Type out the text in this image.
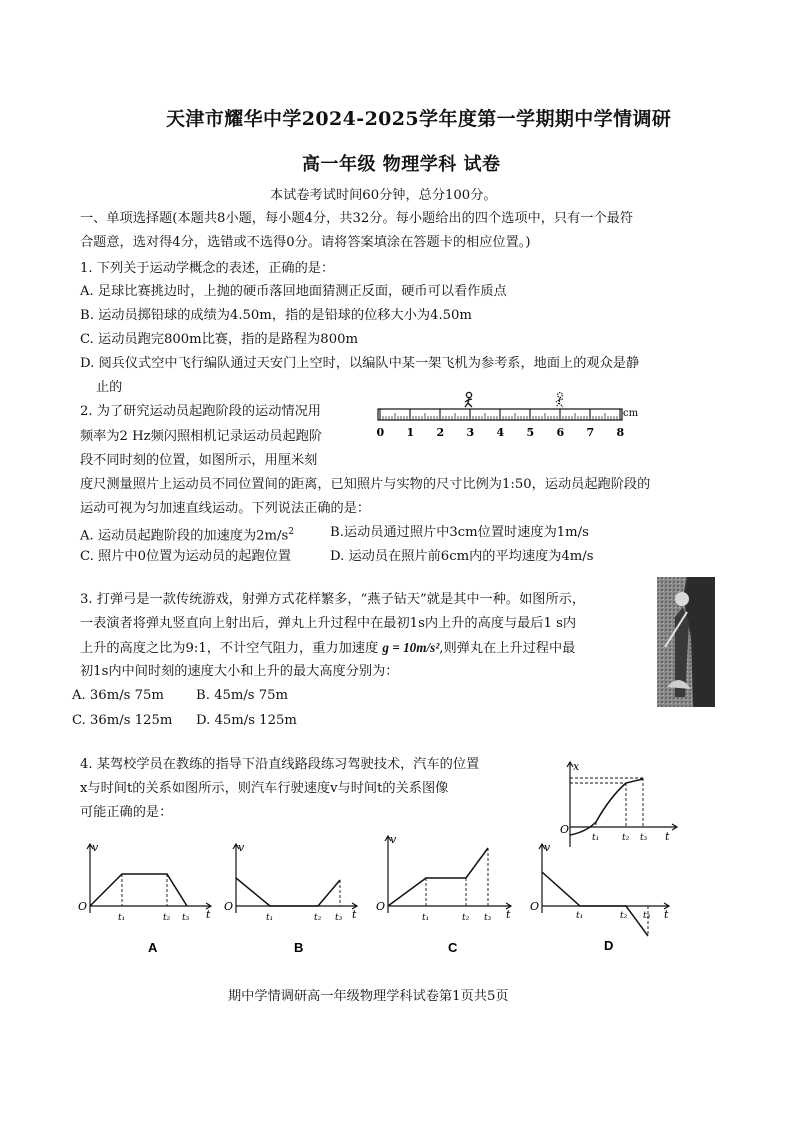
天津市耀华中学2024-2025学年度第一学期期中学情调研
高一年级 物理学科 试卷
本试卷考试时间60分钟，总分100分。
一、单项选择题(本题共8小题，每小题4分，共32分。每小题给出的四个选项中，只有一个最符
合题意，选对得4分，选错或不选得0分。请将答案填涂在答题卡的相应位置。)
1. 下列关于运动学概念的表述，正确的是：
A. 足球比赛挑边时，上抛的硬币落回地面猜测正反面，硬币可以看作质点
B. 运动员掷铅球的成绩为4.50m，指的是铅球的位移大小为4.50m
C. 运动员跑完800m比赛，指的是路程为800m
D. 阅兵仪式空中飞行编队通过天安门上空时，以编队中某一架飞机为参考系，地面上的观众是静
止的
2. 为了研究运动员起跑阶段的运动情况用
频率为2 Hz频闪照相机记录运动员起跑阶
段不同时刻的位置，如图所示，用厘米刻
度尺测量照片上运动员不同位置间的距离，已知照片与实物的尺寸比例为1:50，运动员起跑阶段的
运动可视为匀加速直线运动。下列说法正确的是：
A. 运动员起跑阶段的加速度为$2m/s^2$	B.运动员通过照片中3cm位置时速度为1m/s
C. 照片中0位置为运动员的起跑位置	D. 运动员在照片前6cm内的平均速度为4m/s
0 1 2 3 4 5 6 7 8
cm
3. 打弹弓是一款传统游戏，射弹方式花样繁多，“燕子钻天”就是其中一种。如图所示，
一表演者将弹丸竖直向上射出后，弹丸上升过程中在最初1s内上升的高度与最后1 s内
上升的高度之比为9:1，不计空气阻力，重力加速度 g = 10m/s²,则弹丸在上升过程中最
初1s内中间时刻的速度大小和上升的最大高度分别为：
A. 36m/s 75m B. 45m/s 75m
C. 36m/s 125m D. 45m/s 125m
4. 某驾校学员在教练的指导下沿直线路段练习驾驶技术，汽车的位置
x与时间t的关系如图所示，则汽车行驶速度v与时间t的关系图像
可能正确的是：
x
O
t₁	t₂ t₃ t
v
O
t₁	t₂ t₃ t
A
v
O
t₁	t₂ t₃ t
B
v
O
t₁	t₂ t₃ t
C
v
O
t₁	t₂ t₃ t
D
期中学情调研高一年级物理学科试卷第1页共5页
